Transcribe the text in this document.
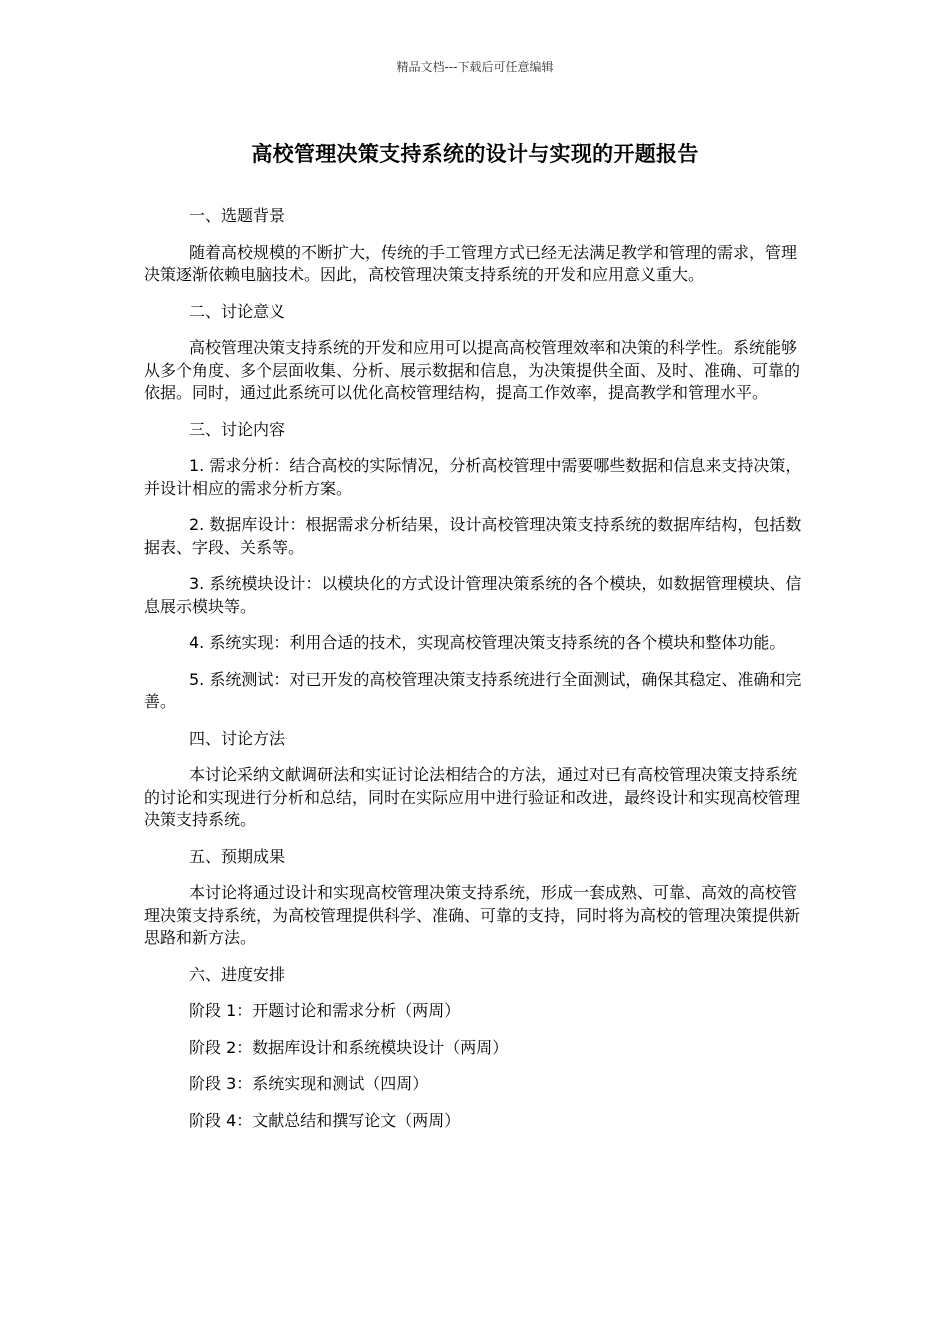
精品文档---下载后可任意编辑
高校管理决策支持系统的设计与实现的开题报告

一、选题背景

随着高校规模的不断扩大，传统的手工管理方式已经无法满足教学和管理的需求，管理决策逐渐依赖电脑技术。因此，高校管理决策支持系统的开发和应用意义重大。

二、讨论意义

高校管理决策支持系统的开发和应用可以提高高校管理效率和决策的科学性。系统能够从多个角度、多个层面收集、分析、展示数据和信息，为决策提供全面、及时、准确、可靠的依据。同时，通过此系统可以优化高校管理结构，提高工作效率，提高教学和管理水平。

三、讨论内容

1. 需求分析：结合高校的实际情况，分析高校管理中需要哪些数据和信息来支持决策，并设计相应的需求分析方案。

2. 数据库设计：根据需求分析结果，设计高校管理决策支持系统的数据库结构，包括数据表、字段、关系等。

3. 系统模块设计：以模块化的方式设计管理决策系统的各个模块，如数据管理模块、信息展示模块等。

4. 系统实现：利用合适的技术，实现高校管理决策支持系统的各个模块和整体功能。

5. 系统测试：对已开发的高校管理决策支持系统进行全面测试，确保其稳定、准确和完善。

四、讨论方法

本讨论采纳文献调研法和实证讨论法相结合的方法，通过对已有高校管理决策支持系统的讨论和实现进行分析和总结，同时在实际应用中进行验证和改进，最终设计和实现高校管理决策支持系统。

五、预期成果

本讨论将通过设计和实现高校管理决策支持系统，形成一套成熟、可靠、高效的高校管理决策支持系统，为高校管理提供科学、准确、可靠的支持，同时将为高校的管理决策提供新思路和新方法。

六、进度安排

阶段 1：开题讨论和需求分析（两周）

阶段 2：数据库设计和系统模块设计（两周）

阶段 3：系统实现和测试（四周）

阶段 4：文献总结和撰写论文（两周）
